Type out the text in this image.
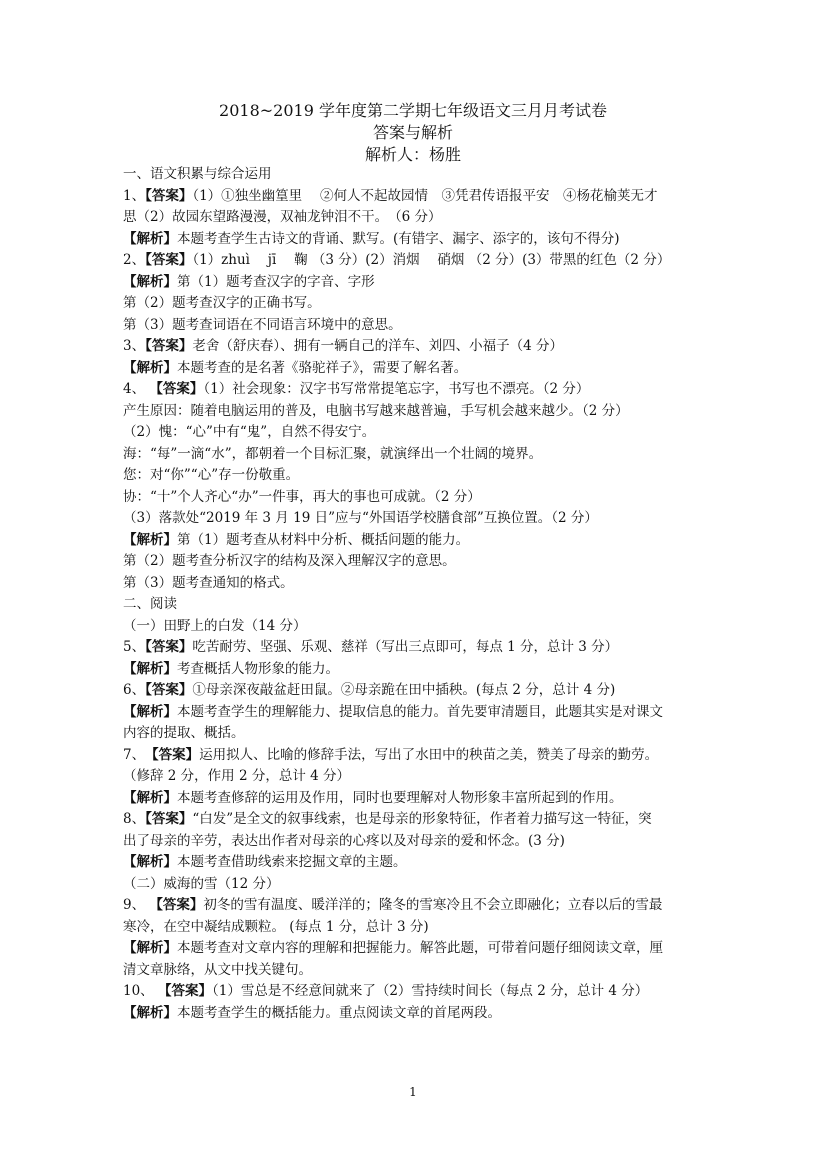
2018~2019 学年度第二学期七年级语文三月月考试卷
答案与解析
解析人：杨胜
一、语文积累与综合运用
1、【答案】（1）①独坐幽篁里　 ②何人不起故园情　③凭君传语报平安　④杨花榆荚无才
思（2）故园东望路漫漫，双袖龙钟泪不干。　（6 分）
【解析】本题考查学生古诗文的背诵、默写。(有错字、漏字、添字的，该句不得分)
2、【答案】（1）zhuì　 jī　 鞠 （3 分）(2）消烟　 硝烟 （2 分）(3）带黑的红色（2 分）
【解析】第（1）题考查汉字的字音、字形
第（2）题考查汉字的正确书写。
第（3）题考查词语在不同语言环境中的意思。
3、【答案】老舍（舒庆春）、拥有一辆自己的洋车、刘四、小福子（4 分）
【解析】本题考查的是名著《骆驼祥子》，需要了解名著。
4、 【答案】（1）社会现象：汉字书写常常提笔忘字，书写也不漂亮。（2 分）
产生原因：随着电脑运用的普及，电脑书写越来越普遍，手写机会越来越少。（2 分）
（2）愧：“心”中有“鬼”，自然不得安宁。
海：“每”一滴“水”，都朝着一个目标汇聚，就演绎出一个壮阔的境界。
您：对“你”“心”存一份敬重。
协：“十”个人齐心“办”一件事，再大的事也可成就。（2 分）
（3）落款处“2019 年 3 月 19 日”应与“外国语学校膳食部”互换位置。（2 分）
【解析】第（1）题考查从材料中分析、概括问题的能力。
第（2）题考查分析汉字的结构及深入理解汉字的意思。
第（3）题考查通知的格式。
二、阅读
（一）田野上的白发（14 分）
5、【答案】吃苦耐劳、坚强、乐观、慈祥（写出三点即可，每点 1 分，总计 3 分）
【解析】考查概括人物形象的能力。
6、【答案】①母亲深夜敲盆赶田鼠。②母亲跪在田中插秧。(每点 2 分，总计 4 分)
【解析】本题考查学生的理解能力、提取信息的能力。首先要审清题目，此题其实是对课文
内容的提取、概括。
7、　【答案】运用拟人、比喻的修辞手法，写出了水田中的秧苗之美，赞美了母亲的勤劳。
（修辞 2 分，作用 2 分，总计 4 分）
【解析】本题考查修辞的运用及作用，同时也要理解对人物形象丰富所起到的作用。
8、【答案】“白发”是全文的叙事线索，也是母亲的形象特征，作者着力描写这一特征，突
出了母亲的辛劳，表达出作者对母亲的心疼以及对母亲的爱和怀念。(3 分)
【解析】本题考查借助线索来挖掘文章的主题。
（二）威海的雪（12 分）
9、 【答案】初冬的雪有温度、暖洋洋的；隆冬的雪寒冷且不会立即融化；立春以后的雪最
寒冷，在空中凝结成颗粒。 (每点 1 分，总计 3 分)
【解析】本题考查对文章内容的理解和把握能力。解答此题，可带着问题仔细阅读文章，厘
清文章脉络，从文中找关键句。
10、 【答案】（1）雪总是不经意间就来了（2）雪持续时间长（每点 2 分，总计 4 分）
【解析】本题考查学生的概括能力。重点阅读文章的首尾两段。
1
